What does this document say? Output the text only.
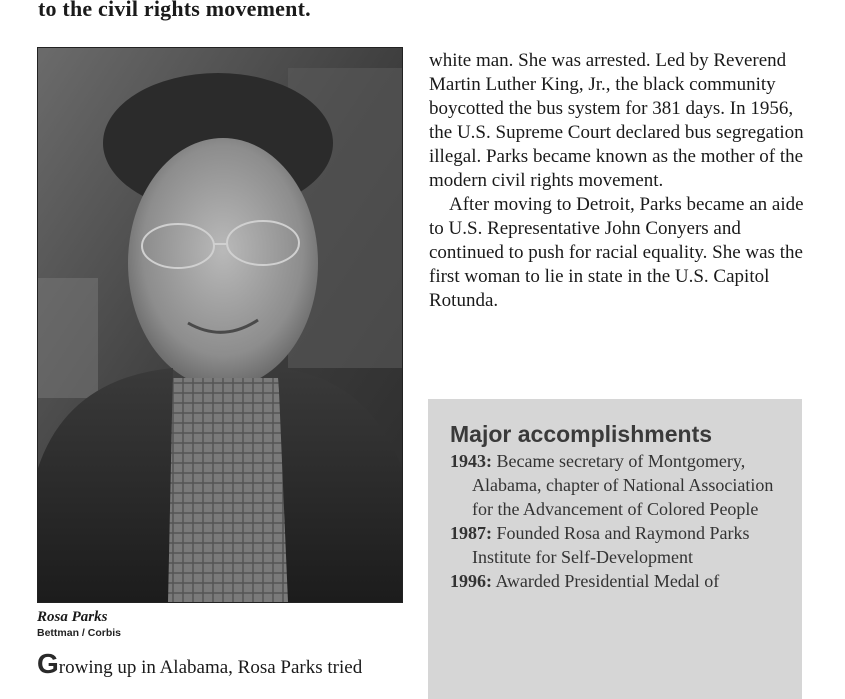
to the civil rights movement.
Rosa Parks
Bettman / Corbis
Growing up in Alabama, Rosa Parks tried

white man. She was arrested. Led by Reverend Martin Luther King, Jr., the black community boycotted the bus system for 381 days. In 1956, the U.S. Supreme Court declared bus segregation illegal. Parks became known as the mother of the modern civil rights movement.

After moving to Detroit, Parks became an aide to U.S. Representative John Conyers and continued to push for racial equality. She was the first woman to lie in state in the U.S. Capitol Rotunda.

Major accomplishments
1943: Became secretary of Montgomery, Alabama, chapter of National Association for the Advancement of Colored People
1987: Founded Rosa and Raymond Parks Institute for Self-Development
1996: Awarded Presidential Medal of
